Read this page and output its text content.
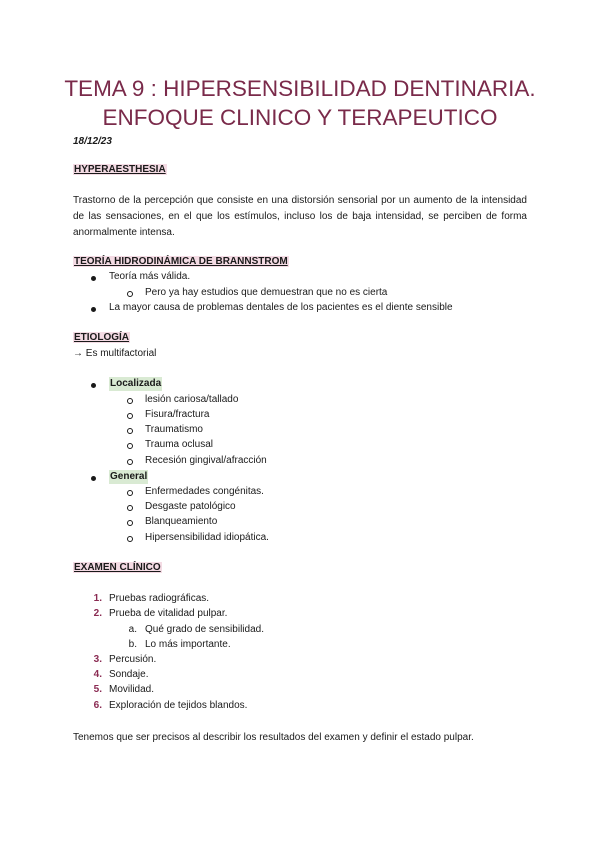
TEMA 9 : HIPERSENSIBILIDAD DENTINARIA.
ENFOQUE CLINICO Y TERAPEUTICO
18/12/23
HYPERAESTHESIA

Trastorno de la percepción que consiste en una distorsión sensorial por un aumento de la intensidad de las sensaciones, en el que los estímulos, incluso los de baja intensidad, se perciben de forma anormalmente intensa.

TEORÍA HIDRODINÁMICA DE BRANNSTROM
Teoría más válida.
Pero ya hay estudios que demuestran que no es cierta
La mayor causa de problemas dentales de los pacientes es el diente sensible
ETIOLOGÍA
→ Es multifactorial
Localizada
lesión cariosa/tallado
Fisura/fractura
Traumatismo
Trauma oclusal
Recesión gingival/afracción
General
Enfermedades congénitas.
Desgaste patológico
Blanqueamiento
Hipersensibilidad idiopática.
EXAMEN CLÍNICO
1. Pruebas radiográficas.
2. Prueba de vitalidad pulpar.
a. Qué grado de sensibilidad.
b. Lo más importante.
3. Percusión.
4. Sondaje.
5. Movilidad.
6. Exploración de tejidos blandos.
Tenemos que ser precisos al describir los resultados del examen y definir el estado pulpar.
